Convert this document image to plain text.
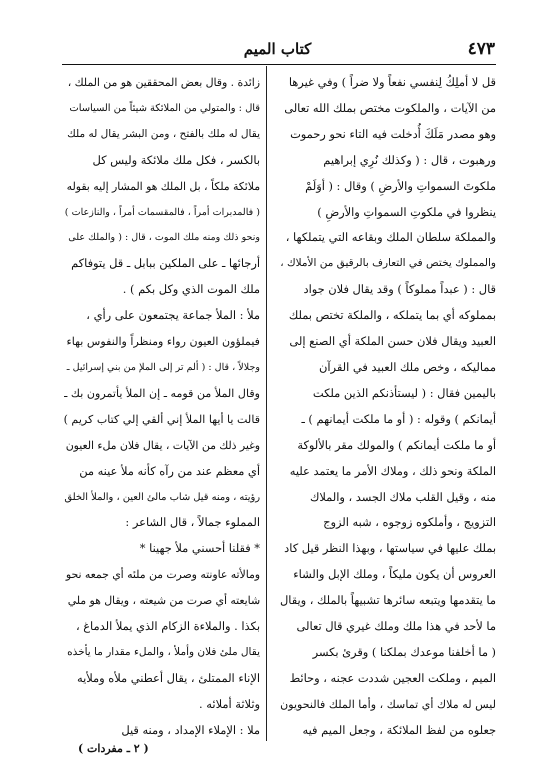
٤٧٣
كتاب الميم
قل لا أملِكُ لِنفسي نفعاً ولا ضراً ) وفي غيرها
من الآيات ، والملكوت مختص بملك الله تعالى
وهو مصدر مَلَكَ أُدخلت فيه التاء نحو رحموت
ورهبوت ، قال : ( وكذلك نُرِي إبراهيم
ملكوتَ السمواتِ والأرضِ ) وقال : ( أوَلَمْ
ينظروا في ملكوتِ السمواتِ والأرضِ )
والمملكة سلطان الملك وبقاعه التي يتملكها ،
والمملوك يختص في التعارف بالرقيق من الأملاك ،
قال : ( عبداً مملوكاً ) وقد يقال فلان جواد
بمملوكه أي بما يتملكه ، والملكة تختص بملك
العبيد ويقال فلان حسن الملكة أي الصنع إلى
مماليكه ، وخص ملك العبيد في القرآن
باليمين فقال : ( ليستأذنكم الذين ملكت
أيمانكم ) وقوله : ( أو ما ملكت أيمانهم ) ـ
أو ما ملكت أيمانكم ) والمولك مقر بالألوكة
الملكة ونحو ذلك ، وملاك الأمر ما يعتمد عليه
منه ، وقيل القلب ملاك الجسد ، والملاك
التزويج ، وأملكوه زوجوه ، شبه الزوج
بملك عليها في سياستها ، وبهذا النظر قيل كاد
العروس أن يكون مليكاً ، وملك الإبل والشاء
ما يتقدمها ويتبعه سائرها تشبيهاً بالملك ، ويقال
ما لأحد في هذا ملك وملك غيري قال تعالى
( ما أخلفنا موعدك بملكنا ) وقرئ بكسر
الميم ، وملكت العجين شددت عجنه ، وحائط
ليس له ملاك أي تماسك ، وأما الملك فالنحويون
جعلوه من لفظ الملائكة ، وجعل الميم فيه
زائدة . وقال بعض المحققين هو من الملك ،
قال : والمتولي من الملائكة شيئاً من السياسات
يقال له ملك بالفتح ، ومن البشر يقال له ملك
بالكسر ، فكل ملك ملائكة وليس كل
ملائكة ملكاً ، بل الملك هو المشار إليه بقوله
( فالمدبرات أمراً ، فالمقسمات أمراً ، والنازعات )
ونحو ذلك ومنه ملك الموت ، قال : ( والملك على
أرجائها ـ على الملكين ببابل ـ قل يتوفاكم
ملك الموت الذي وكل بكم ) .
ملأ : الملأ جماعة يجتمعون على رأي ،
فيملؤون العيون رواء ومنظراً والنفوس بهاء
وجلالاً ، قال : ( ألم تر إلى الملإ من بني إسرائيل ـ
وقال الملأ من قومه ـ إن الملأ يأتمرون بك ـ
قالت يا أيها الملأ إني ألقي إلي كتاب كريم )
وغير ذلك من الآيات ، يقال فلان ملء العيون
أي معظم عند من رآه كأنه ملأ عينه من
رؤيته ، ومنه قيل شاب مالئ العين ، والملأ الخلق
المملوء جمالاً ، قال الشاعر :
* فقلنا أحسني ملأ جهينا *
ومالأته عاونته وصرت من ملئه أي جمعه نحو
شايعته أي صرت من شيعته ، ويقال هو ملي
بكذا . والملاءة الزكام الذي يملأ الدماغ ،
يقال ملئ فلان وأملأ ، والملء مقدار ما يأخذه
الإناء الممتلئ ، يقال أعطني ملأه وملأيه
وثلاثة أملائه .
ملا : الإملاء الإمداد ، ومنه قيل
( ٢ ـ مفردات )
